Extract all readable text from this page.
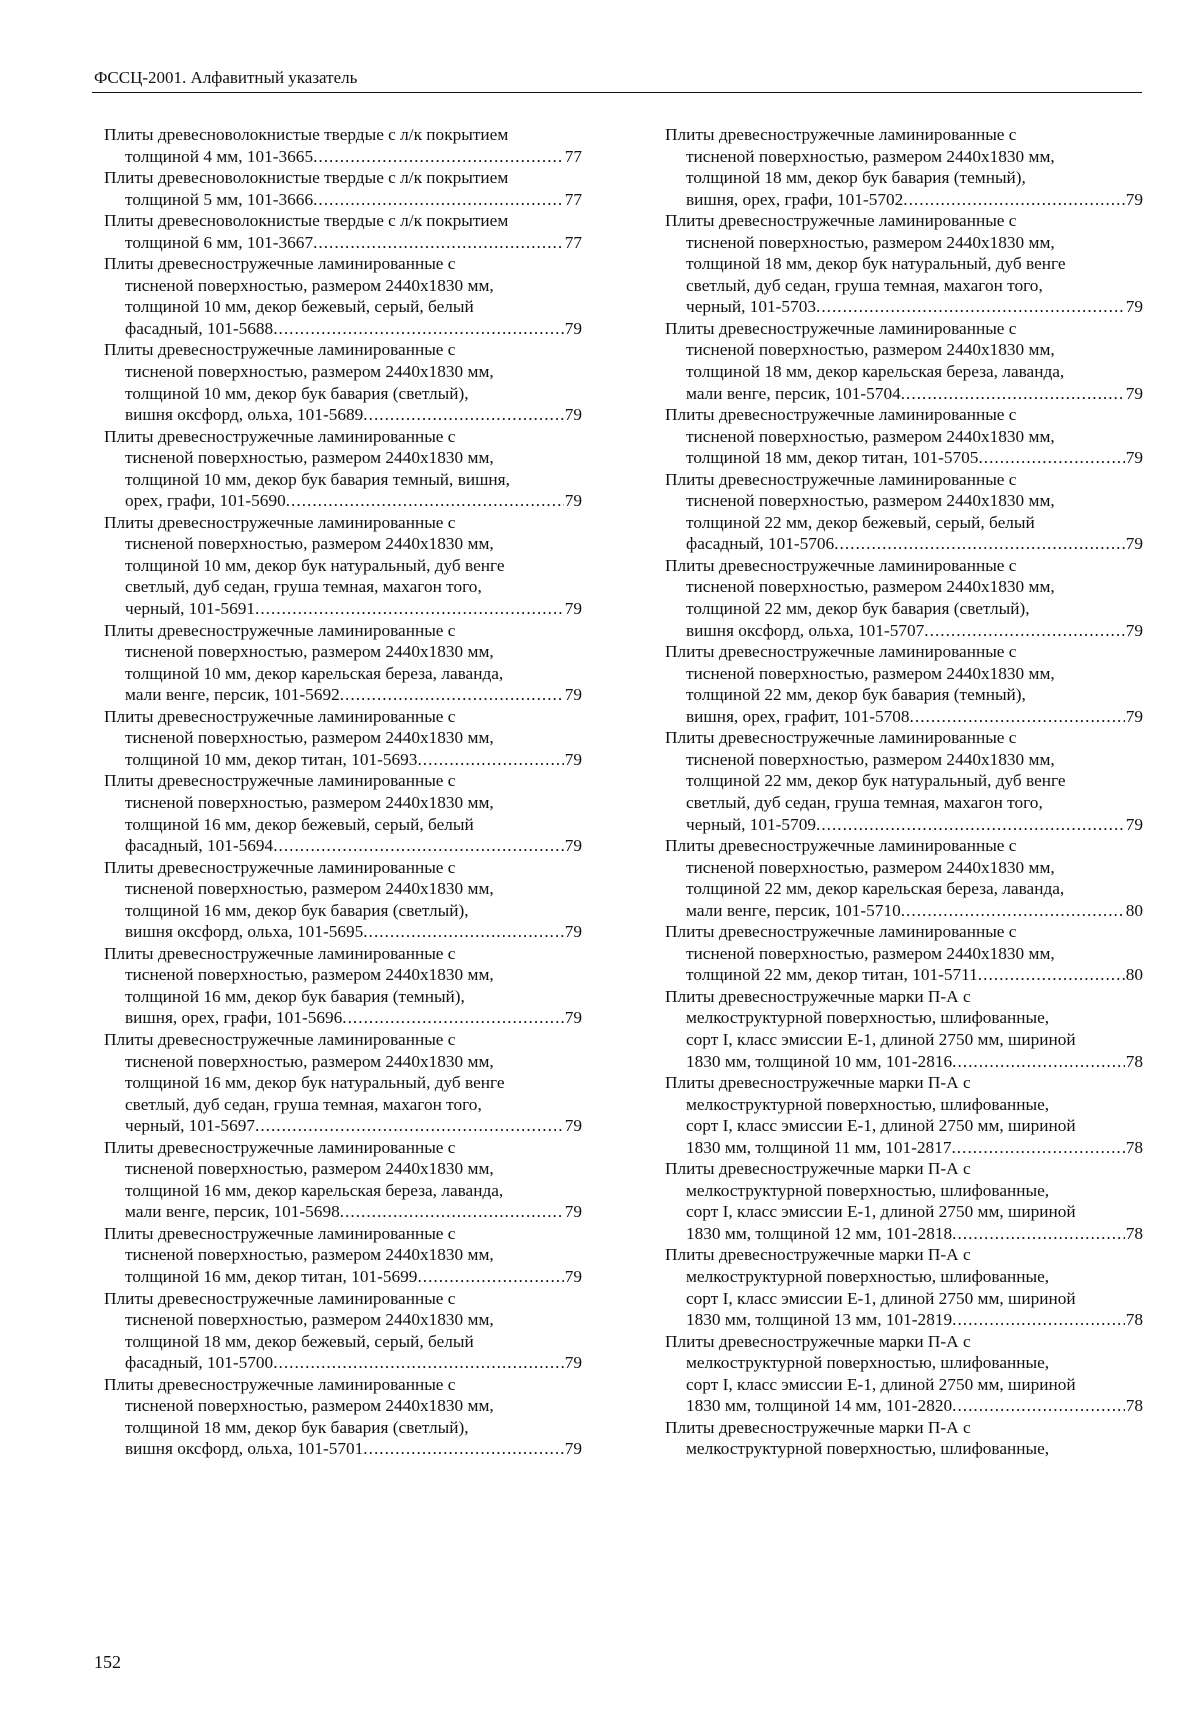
ФССЦ-2001. Алфавитный указатель
Плиты древесноволокнистые твердые с л/к покрытием
толщиной 4 мм, 101-3665 .....	77
Плиты древесноволокнистые твердые с л/к покрытием
толщиной 5 мм, 101-3666 .....	77
Плиты древесноволокнистые твердые с л/к покрытием
толщиной 6 мм, 101-3667 .....	77
Плиты древесностружечные ламинированные с
тисненой поверхностью, размером 2440х1830 мм,
толщиной 10 мм, декор бежевый, серый, белый
фасадный, 101-5688 .....	79
Плиты древесностружечные ламинированные с
тисненой поверхностью, размером 2440х1830 мм,
толщиной 10 мм, декор бук бавария (светлый),
вишня оксфорд, ольха, 101-5689 .....	79
Плиты древесностружечные ламинированные с
тисненой поверхностью, размером 2440х1830 мм,
толщиной 10 мм, декор бук бавария темный, вишня,
орех, графи, 101-5690 .....	79
Плиты древесностружечные ламинированные с
тисненой поверхностью, размером 2440х1830 мм,
толщиной 10 мм, декор бук натуральный, дуб венге
светлый, дуб седан, груша темная, махагон того,
черный, 101-5691 .....	79
Плиты древесностружечные ламинированные с
тисненой поверхностью, размером 2440х1830 мм,
толщиной 10 мм, декор карельская береза, лаванда,
мали венге, персик, 101-5692 .....	79
Плиты древесностружечные ламинированные с
тисненой поверхностью, размером 2440х1830 мм,
толщиной 10 мм, декор титан, 101-5693 .....	79
Плиты древесностружечные ламинированные с
тисненой поверхностью, размером 2440х1830 мм,
толщиной 16 мм, декор бежевый, серый, белый
фасадный, 101-5694 .....	79
Плиты древесностружечные ламинированные с
тисненой поверхностью, размером 2440х1830 мм,
толщиной 16 мм, декор бук бавария (светлый),
вишня оксфорд, ольха, 101-5695 .....	79
Плиты древесностружечные ламинированные с
тисненой поверхностью, размером 2440х1830 мм,
толщиной 16 мм, декор бук бавария (темный),
вишня, орех, графи, 101-5696 .....	79
Плиты древесностружечные ламинированные с
тисненой поверхностью, размером 2440х1830 мм,
толщиной 16 мм, декор бук натуральный, дуб венге
светлый, дуб седан, груша темная, махагон того,
черный, 101-5697 .....	79
Плиты древесностружечные ламинированные с
тисненой поверхностью, размером 2440х1830 мм,
толщиной 16 мм, декор карельская береза, лаванда,
мали венге, персик, 101-5698 .....	79
Плиты древесностружечные ламинированные с
тисненой поверхностью, размером 2440х1830 мм,
толщиной 16 мм, декор титан, 101-5699 .....	79
Плиты древесностружечные ламинированные с
тисненой поверхностью, размером 2440х1830 мм,
толщиной 18 мм, декор бежевый, серый, белый
фасадный, 101-5700 .....	79
Плиты древесностружечные ламинированные с
тисненой поверхностью, размером 2440х1830 мм,
толщиной 18 мм, декор бук бавария (светлый),
вишня оксфорд, ольха, 101-5701 .....	79
Плиты древесностружечные ламинированные с
тисненой поверхностью, размером 2440х1830 мм,
толщиной 18 мм, декор бук бавария (темный),
вишня, орех, графи, 101-5702 .....	79
Плиты древесностружечные ламинированные с
тисненой поверхностью, размером 2440х1830 мм,
толщиной 18 мм, декор бук натуральный, дуб венге
светлый, дуб седан, груша темная, махагон того,
черный, 101-5703 .....	79
Плиты древесностружечные ламинированные с
тисненой поверхностью, размером 2440х1830 мм,
толщиной 18 мм, декор карельская береза, лаванда,
мали венге, персик, 101-5704 .....	79
Плиты древесностружечные ламинированные с
тисненой поверхностью, размером 2440х1830 мм,
толщиной 18 мм, декор титан, 101-5705 .....	79
Плиты древесностружечные ламинированные с
тисненой поверхностью, размером 2440х1830 мм,
толщиной 22 мм, декор бежевый, серый, белый
фасадный, 101-5706 .....	79
Плиты древесностружечные ламинированные с
тисненой поверхностью, размером 2440х1830 мм,
толщиной 22 мм, декор бук бавария (светлый),
вишня оксфорд, ольха, 101-5707 .....	79
Плиты древесностружечные ламинированные с
тисненой поверхностью, размером 2440х1830 мм,
толщиной 22 мм, декор бук бавария (темный),
вишня, орех, графит, 101-5708 .....	79
Плиты древесностружечные ламинированные с
тисненой поверхностью, размером 2440х1830 мм,
толщиной 22 мм, декор бук натуральный, дуб венге
светлый, дуб седан, груша темная, махагон того,
черный, 101-5709 .....	79
Плиты древесностружечные ламинированные с
тисненой поверхностью, размером 2440х1830 мм,
толщиной 22 мм, декор карельская береза, лаванда,
мали венге, персик, 101-5710 .....	80
Плиты древесностружечные ламинированные с
тисненой поверхностью, размером 2440х1830 мм,
толщиной 22 мм, декор титан, 101-5711 .....	80
Плиты древесностружечные марки П-А с
мелкоструктурной поверхностью, шлифованные,
сорт I, класс эмиссии Е-1, длиной 2750 мм, шириной
1830 мм, толщиной 10 мм, 101-2816 .....	78
Плиты древесностружечные марки П-А с
мелкоструктурной поверхностью, шлифованные,
сорт I, класс эмиссии Е-1, длиной 2750 мм, шириной
1830 мм, толщиной 11 мм, 101-2817 .....	78
Плиты древесностружечные марки П-А с
мелкоструктурной поверхностью, шлифованные,
сорт I, класс эмиссии Е-1, длиной 2750 мм, шириной
1830 мм, толщиной 12 мм, 101-2818 .....	78
Плиты древесностружечные марки П-А с
мелкоструктурной поверхностью, шлифованные,
сорт I, класс эмиссии Е-1, длиной 2750 мм, шириной
1830 мм, толщиной 13 мм, 101-2819 .....	78
Плиты древесностружечные марки П-А с
мелкоструктурной поверхностью, шлифованные,
сорт I, класс эмиссии Е-1, длиной 2750 мм, шириной
1830 мм, толщиной 14 мм, 101-2820 .....	78
Плиты древесностружечные марки П-А с
мелкоструктурной поверхностью, шлифованные,
152
